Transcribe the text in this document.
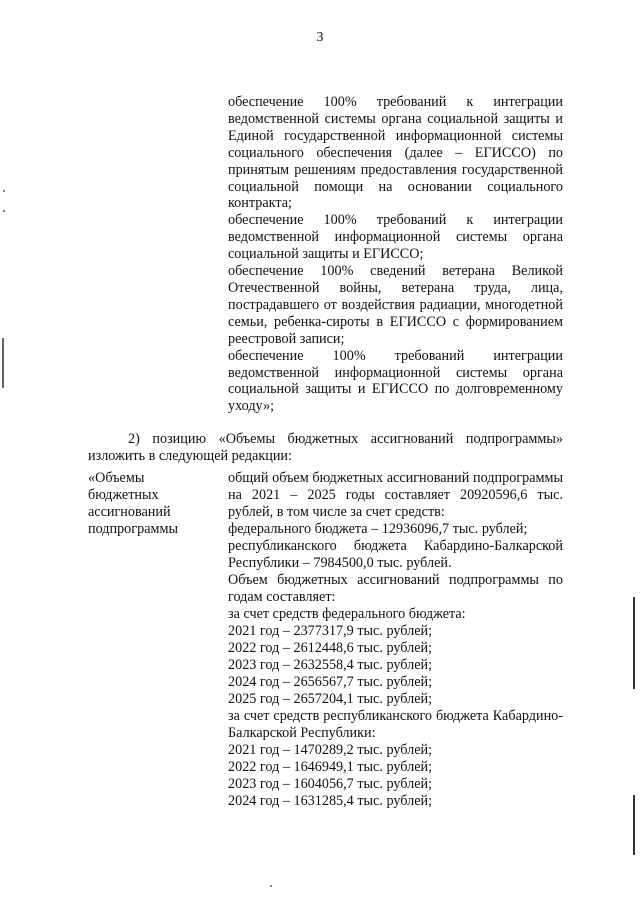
3

обеспечение 100% требований к интеграции ведомственной системы органа социальной защиты и Единой государственной информационной системы социального обеспечения (далее – ЕГИССО) по принятым решениям предоставления государственной социальной помощи на основании социального контракта;

обеспечение 100% требований к интеграции ведомственной информационной системы органа социальной защиты и ЕГИССО;

обеспечение 100% сведений ветерана Великой Отечественной войны, ветерана труда, лица, пострадавшего от воздействия радиации, многодетной семьи, ребенка-сироты в ЕГИССО с формированием реестровой записи;

обеспечение 100% требований интеграции ведомственной информационной системы органа социальной защиты и ЕГИССО по долговременному уходу»;

2) позицию «Объемы бюджетных ассигнований подпрограммы» изложить в следующей редакции:
«Объемы
бюджетных
ассигнований
подпрограммы

общий объем бюджетных ассигнований подпрограммы на 2021 – 2025 годы составляет 20920596,6 тыс. рублей, в том числе за счет средств:

федерального бюджета – 12936096,7 тыс. рублей;

республиканского бюджета Кабардино-Балкарской Республики – 7984500,0 тыс. рублей.

Объем бюджетных ассигнований подпрограммы по годам составляет:

за счет средств федерального бюджета:

2021 год – 2377317,9 тыс. рублей;

2022 год – 2612448,6 тыс. рублей;

2023 год – 2632558,4 тыс. рублей;

2024 год – 2656567,7 тыс. рублей;

2025 год – 2657204,1 тыс. рублей;

за счет средств республиканского бюджета Кабардино-Балкарской Республики:

2021 год – 1470289,2 тыс. рублей;

2022 год – 1646949,1 тыс. рублей;

2023 год – 1604056,7 тыс. рублей;

2024 год – 1631285,4 тыс. рублей;
